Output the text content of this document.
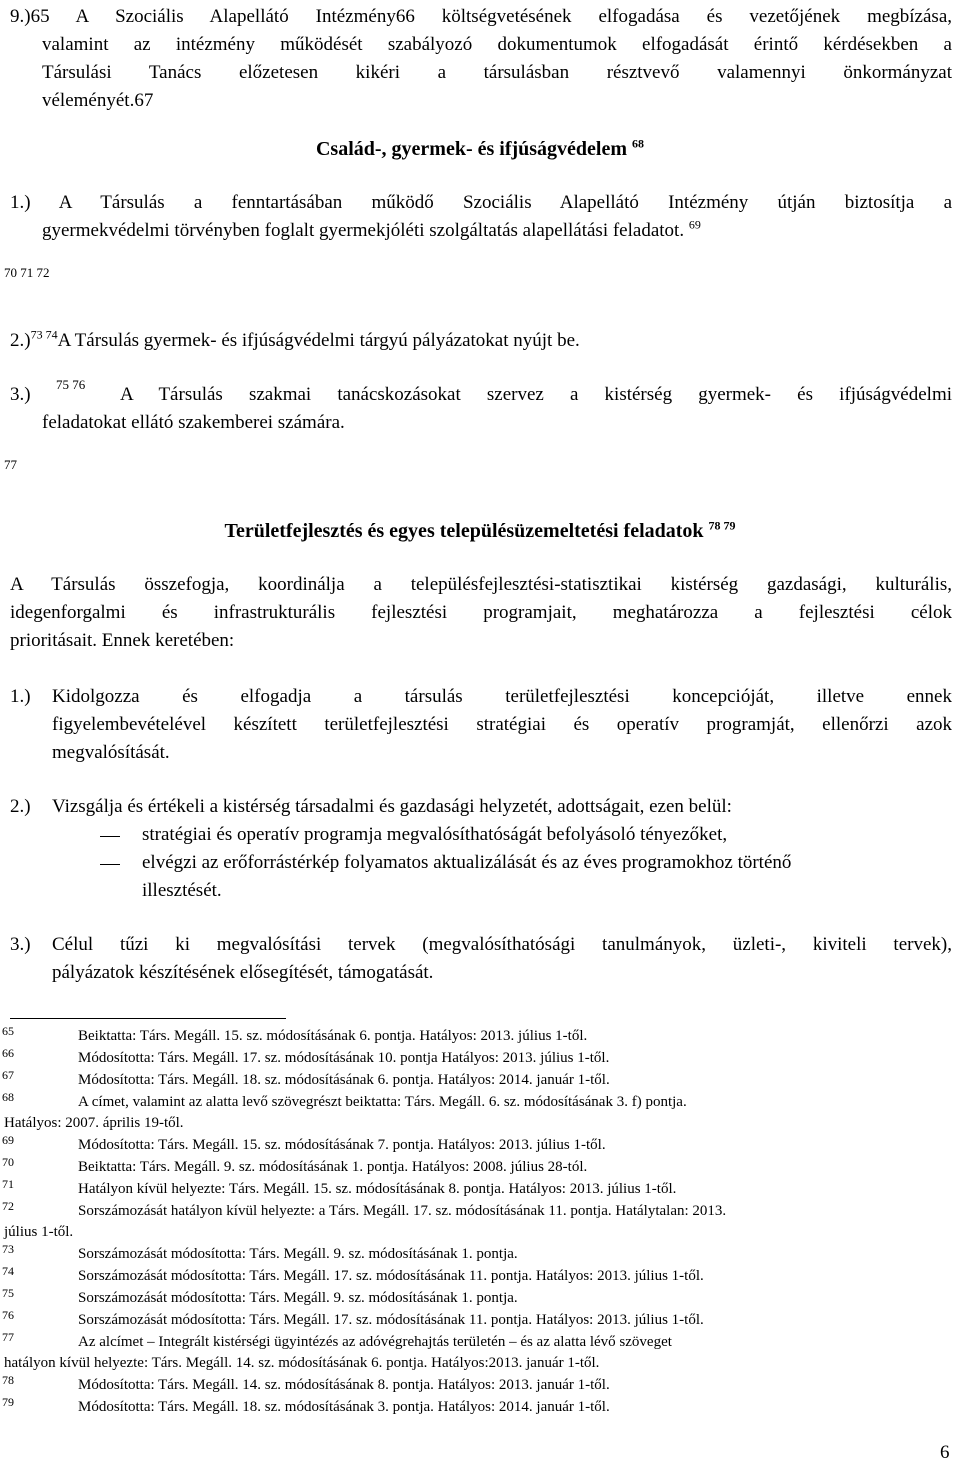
9.)65 A Szociális Alapellátó Intézmény66 költségvetésének elfogadása és vezetőjének megbízása,
valamint az intézmény működését szabályozó dokumentumok elfogadását érintő kérdésekben a
Társulási Tanács előzetesen kikéri a társulásban résztvevő valamennyi önkormányzat
véleményét.67
Család-, gyermek- és ifjúságvédelem $^{68}$
1.) A Társulás a fenntartásában működő Szociális Alapellátó Intézmény útján biztosítja a
gyermekvédelmi törvényben foglalt gyermekjóléti szolgáltatás alapellátási feladatot. $^{69}$
70 71 72
2.)$^{73 74}$A Társulás gyermek- és ifjúságvédelmi tárgyú pályázatokat nyújt be.
3.)	75 76 A Társulás szakmai tanácskozásokat szervez a kistérség gyermek- és ifjúságvédelmi
feladatokat ellátó szakemberei számára.
77
Területfejlesztés és egyes településüzemeltetési feladatok $^{78 79}$
A Társulás összefogja, koordinálja a településfejlesztési-statisztikai kistérség gazdasági, kulturális,
idegenforgalmi és infrastrukturális fejlesztési programjait, meghatározza a fejlesztési célok
prioritásait. Ennek keretében:
1.) Kidolgozza és elfogadja a társulás területfejlesztési koncepcióját, illetve ennek
figyelembevételével készített területfejlesztési stratégiai és operatív programját, ellenőrzi azok
megvalósítását.
2.) Vizsgálja és értékeli a kistérség társadalmi és gazdasági helyzetét, adottságait, ezen belül:
stratégiai és operatív programja megvalósíthatóságát befolyásoló tényezőket,
elvégzi az erőforrástérkép folyamatos aktualizálását és az éves programokhoz történő
illesztését.
3.) Célul tűzi ki megvalósítási tervek (megvalósíthatósági tanulmányok, üzleti-, kiviteli tervek),
pályázatok készítésének elősegítését, támogatását.
65	Beiktatta: Társ. Megáll. 15. sz. módosításának 6. pontja. Hatályos: 2013. július 1-től.
66	Módosította: Társ. Megáll. 17. sz. módosításának 10. pontja Hatályos: 2013. július 1-től.
67	Módosította: Társ. Megáll. 18. sz. módosításának 6. pontja. Hatályos: 2014. január 1-től.
68	A címet, valamint az alatta levő szövegrészt beiktatta: Társ. Megáll. 6. sz. módosításának 3. f) pontja.
Hatályos: 2007. április 19-től.
69	Módosította: Társ. Megáll. 15. sz. módosításának 7. pontja. Hatályos: 2013. július 1-től.
70	Beiktatta: Társ. Megáll. 9. sz. módosításának 1. pontja. Hatályos: 2008. július 28-tól.
71	Hatályon kívül helyezte: Társ. Megáll. 15. sz. módosításának 8. pontja. Hatályos: 2013. július 1-től.
72	Sorszámozását hatályon kívül helyezte: a Társ. Megáll. 17. sz. módosításának 11. pontja. Hatálytalan: 2013.
július 1-től.
73	Sorszámozását módosította: Társ. Megáll. 9. sz. módosításának 1. pontja.
74	Sorszámozását módosította: Társ. Megáll. 17. sz. módosításának 11. pontja. Hatályos: 2013. július 1-től.
75	Sorszámozását módosította: Társ. Megáll. 9. sz. módosításának 1. pontja.
76	Sorszámozását módosította: Társ. Megáll. 17. sz. módosításának 11. pontja. Hatályos: 2013. július 1-től.
77	Az alcímet – Integrált kistérségi ügyintézés az adóvégrehajtás területén – és az alatta lévő szöveget
hatályon kívül helyezte: Társ. Megáll. 14. sz. módosításának 6. pontja. Hatályos:2013. január 1-től.
78	Módosította: Társ. Megáll. 14. sz. módosításának 8. pontja. Hatályos: 2013. január 1-től.
79	Módosította: Társ. Megáll. 18. sz. módosításának 3. pontja. Hatályos: 2014. január 1-től.
6
